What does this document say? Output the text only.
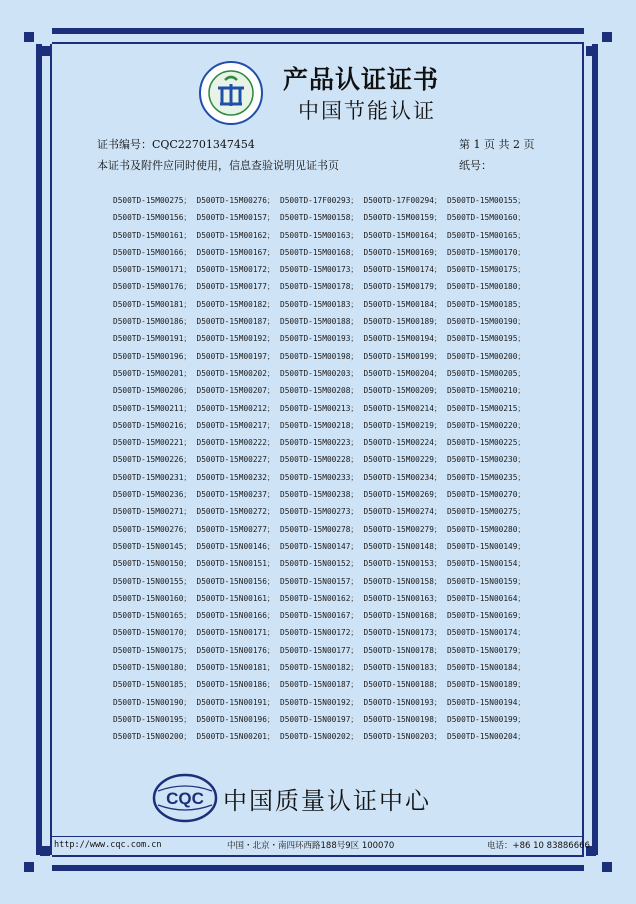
产品认证证书
中国节能认证
证书编号：CQC22701347454	第 1 页 共 2 页
本证书及附件应同时使用，信息查验说明见证书页	纸号：
D500TD-15M00275； D500TD-15M00276； D500TD-17F00293； D500TD-17F00294； D500TD-15M00155；
D500TD-15M00156； D500TD-15M00157； D500TD-15M00158； D500TD-15M00159； D500TD-15M00160；
D500TD-15M00161； D500TD-15M00162； D500TD-15M00163； D500TD-15M00164； D500TD-15M00165；
D500TD-15M00166； D500TD-15M00167； D500TD-15M00168； D500TD-15M00169； D500TD-15M00170；
D500TD-15M00171； D500TD-15M00172； D500TD-15M00173； D500TD-15M00174； D500TD-15M00175；
D500TD-15M00176； D500TD-15M00177； D500TD-15M00178； D500TD-15M00179； D500TD-15M00180；
D500TD-15M00181； D500TD-15M00182； D500TD-15M00183； D500TD-15M00184； D500TD-15M00185；
D500TD-15M00186； D500TD-15M00187； D500TD-15M00188； D500TD-15M00189； D500TD-15M00190；
D500TD-15M00191； D500TD-15M00192； D500TD-15M00193； D500TD-15M00194； D500TD-15M00195；
D500TD-15M00196； D500TD-15M00197； D500TD-15M00198； D500TD-15M00199； D500TD-15M00200；
D500TD-15M00201； D500TD-15M00202； D500TD-15M00203； D500TD-15M00204； D500TD-15M00205；
D500TD-15M00206； D500TD-15M00207； D500TD-15M00208； D500TD-15M00209； D500TD-15M00210；
D500TD-15M00211； D500TD-15M00212； D500TD-15M00213； D500TD-15M00214； D500TD-15M00215；
D500TD-15M00216； D500TD-15M00217； D500TD-15M00218； D500TD-15M00219； D500TD-15M00220；
D500TD-15M00221； D500TD-15M00222； D500TD-15M00223； D500TD-15M00224； D500TD-15M00225；
D500TD-15M00226； D500TD-15M00227； D500TD-15M00228； D500TD-15M00229； D500TD-15M00230；
D500TD-15M00231； D500TD-15M00232； D500TD-15M00233； D500TD-15M00234； D500TD-15M00235；
D500TD-15M00236； D500TD-15M00237； D500TD-15M00238； D500TD-15M00269； D500TD-15M00270；
D500TD-15M00271； D500TD-15M00272； D500TD-15M00273； D500TD-15M00274； D500TD-15M00275；
D500TD-15M00276； D500TD-15M00277； D500TD-15M00278； D500TD-15M00279； D500TD-15M00280；
D500TD-15N00145； D500TD-15N00146； D500TD-15N00147； D500TD-15N00148； D500TD-15N00149；
D500TD-15N00150； D500TD-15N00151； D500TD-15N00152； D500TD-15N00153； D500TD-15N00154；
D500TD-15N00155； D500TD-15N00156； D500TD-15N00157； D500TD-15N00158； D500TD-15N00159；
D500TD-15N00160； D500TD-15N00161； D500TD-15N00162； D500TD-15N00163； D500TD-15N00164；
D500TD-15N00165； D500TD-15N00166； D500TD-15N00167； D500TD-15N00168； D500TD-15N00169；
D500TD-15N00170； D500TD-15N00171； D500TD-15N00172； D500TD-15N00173； D500TD-15N00174；
D500TD-15N00175； D500TD-15N00176； D500TD-15N00177； D500TD-15N00178； D500TD-15N00179；
D500TD-15N00180； D500TD-15N00181； D500TD-15N00182； D500TD-15N00183； D500TD-15N00184；
D500TD-15N00185； D500TD-15N00186； D500TD-15N00187； D500TD-15N00188； D500TD-15N00189；
D500TD-15N00190； D500TD-15N00191； D500TD-15N00192； D500TD-15N00193； D500TD-15N00194；
D500TD-15N00195； D500TD-15N00196； D500TD-15N00197； D500TD-15N00198； D500TD-15N00199；
D500TD-15N00200； D500TD-15N00201； D500TD-15N00202； D500TD-15N00203； D500TD-15N00204；
CQC 中国质量认证中心
http://www.cqc.com.cn	中国・北京・南四环西路188号9区 100070	电话：+86 10 83886666
